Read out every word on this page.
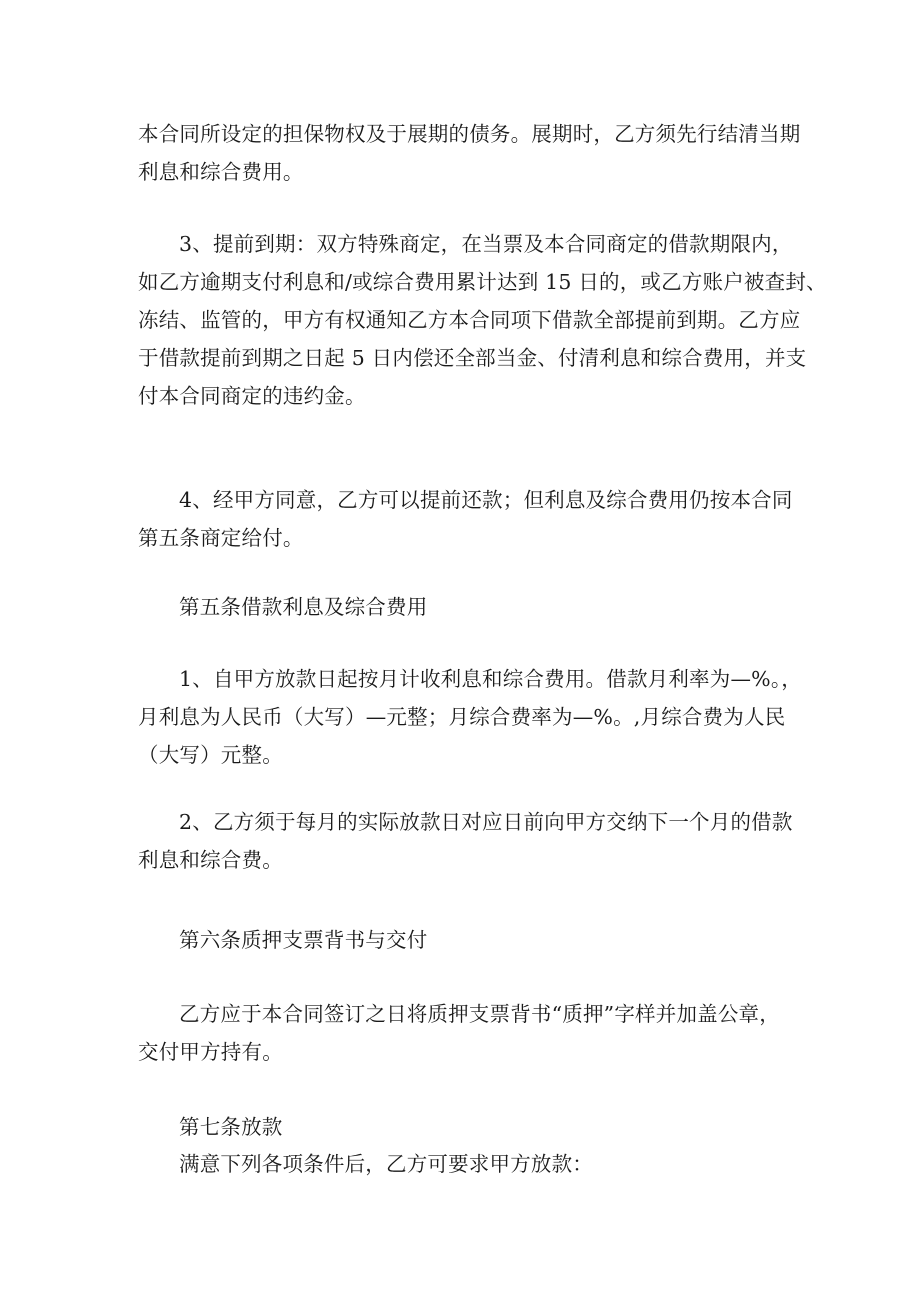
本合同所设定的担保物权及于展期的债务。展期时，乙方须先行结清当期
利息和综合费用。
3、提前到期：双方特殊商定，在当票及本合同商定的借款期限内，
如乙方逾期支付利息和/或综合费用累计达到 15 日的，或乙方账户被查封、
冻结、监管的，甲方有权通知乙方本合同项下借款全部提前到期。乙方应
于借款提前到期之日起 5 日内偿还全部当金、付清利息和综合费用，并支
付本合同商定的违约金。
4、经甲方同意，乙方可以提前还款；但利息及综合费用仍按本合同
第五条商定给付。
第五条借款利息及综合费用
1、自甲方放款日起按月计收利息和综合费用。借款月利率为—%。，
月利息为人民币（大写）—元整；月综合费率为—%。,月综合费为人民
（大写）元整。
2、乙方须于每月的实际放款日对应日前向甲方交纳下一个月的借款
利息和综合费。
第六条质押支票背书与交付
乙方应于本合同签订之日将质押支票背书“质押”字样并加盖公章，
交付甲方持有。
第七条放款
满意下列各项条件后，乙方可要求甲方放款：
